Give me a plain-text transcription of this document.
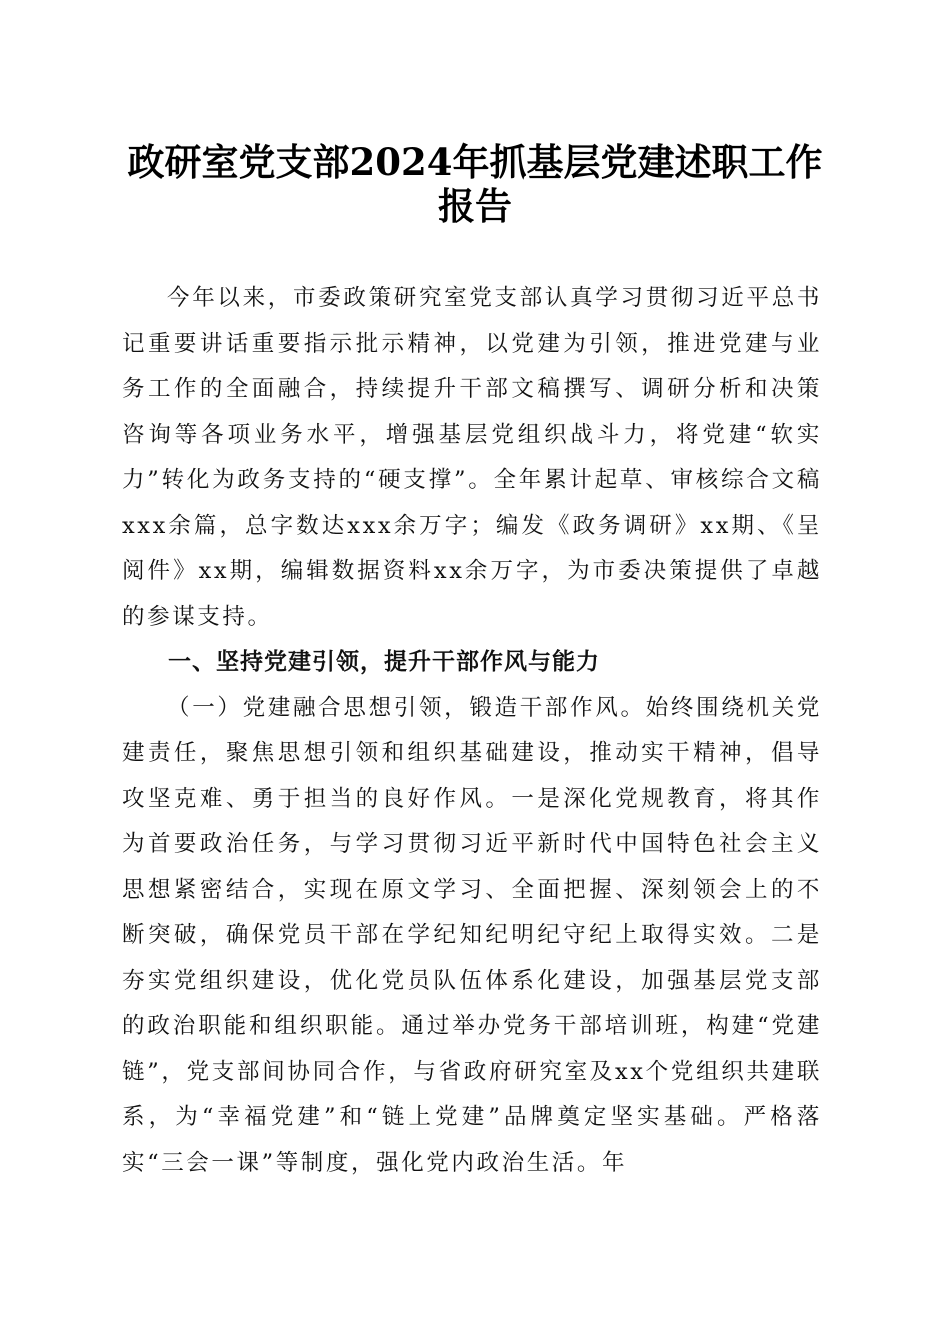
政研室党支部2024年抓基层党建述职工作报告

今年以来，市委政策研究室党支部认真学习贯彻习近平总书记重要讲话重要指示批示精神，以党建为引领，推进党建与业务工作的全面融合，持续提升干部文稿撰写、调研分析和决策咨询等各项业务水平，增强基层党组织战斗力，将党建“软实力”转化为政务支持的“硬支撑”。全年累计起草、审核综合文稿xxx余篇，总字数达xxx余万字；编发《政务调研》xx期、《呈阅件》xx期，编辑数据资料xx余万字，为市委决策提供了卓越的参谋支持。

一、坚持党建引领，提升干部作风与能力

（一）党建融合思想引领，锻造干部作风。始终围绕机关党建责任，聚焦思想引领和组织基础建设，推动实干精神，倡导攻坚克难、勇于担当的良好作风。一是深化党规教育，将其作为首要政治任务，与学习贯彻习近平新时代中国特色社会主义思想紧密结合，实现在原文学习、全面把握、深刻领会上的不断突破，确保党员干部在学纪知纪明纪守纪上取得实效。二是夯实党组织建设，优化党员队伍体系化建设，加强基层党支部的政治职能和组织职能。通过举办党务干部培训班，构建“党建链”，党支部间协同合作，与省政府研究室及xx个党组织共建联系，为“幸福党建”和“链上党建”品牌奠定坚实基础。严格落实“三会一课”等制度，强化党内政治生活。年
